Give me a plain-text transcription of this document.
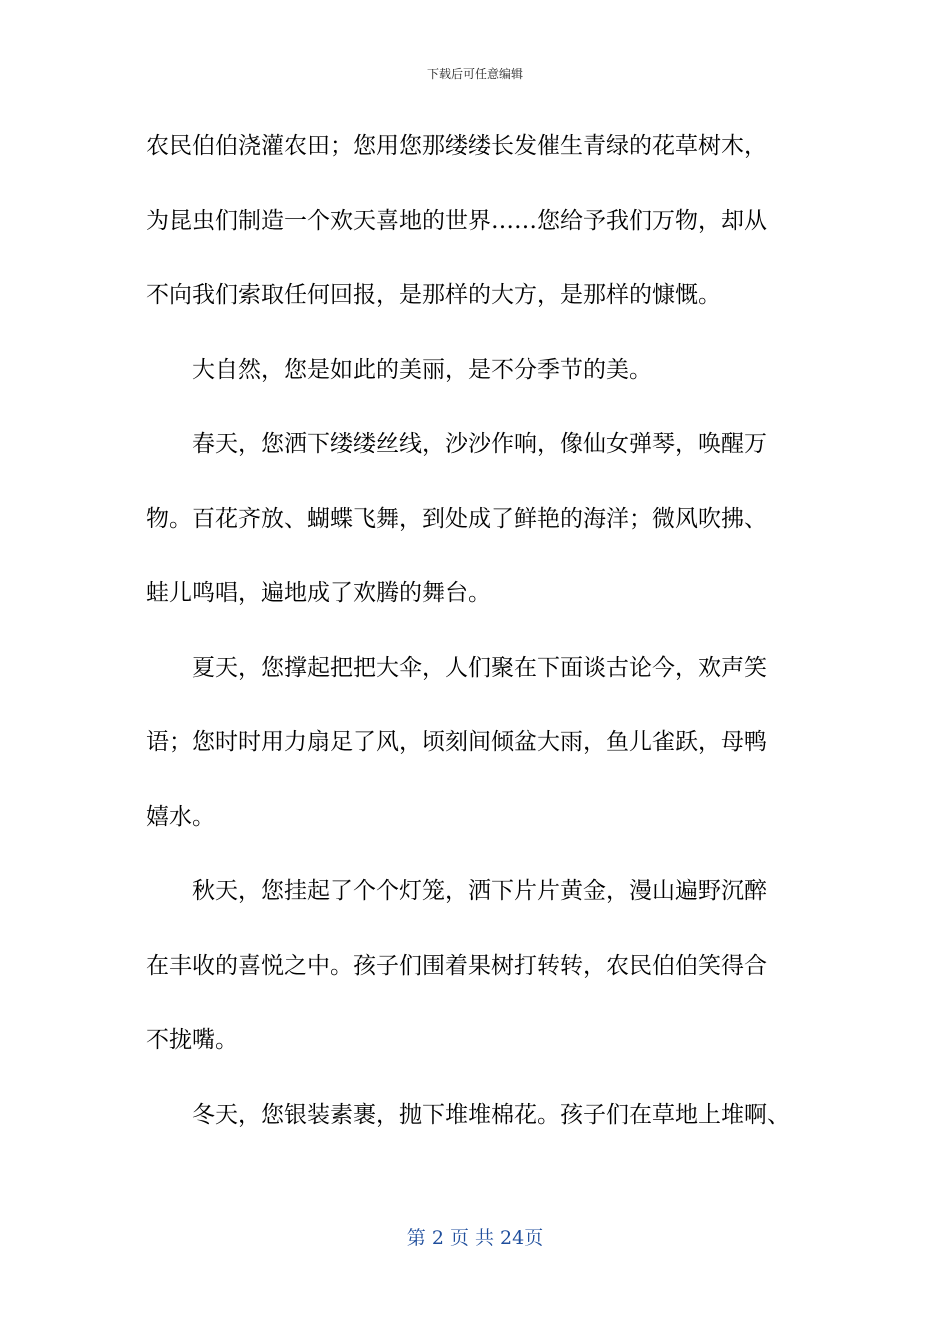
下载后可任意编辑
农民伯伯浇灌农田；您用您那缕缕长发催生青绿的花草树木，
为昆虫们制造一个欢天喜地的世界……您给予我们万物，却从
不向我们索取任何回报，是那样的大方，是那样的慷慨。
大自然，您是如此的美丽，是不分季节的美。
春天，您洒下缕缕丝线，沙沙作响，像仙女弹琴，唤醒万
物。百花齐放、蝴蝶飞舞，到处成了鲜艳的海洋；微风吹拂、
蛙儿鸣唱，遍地成了欢腾的舞台。
夏天，您撑起把把大伞，人们聚在下面谈古论今，欢声笑
语；您时时用力扇足了风，顷刻间倾盆大雨，鱼儿雀跃，母鸭
嬉水。
秋天，您挂起了个个灯笼，洒下片片黄金，漫山遍野沉醉
在丰收的喜悦之中。孩子们围着果树打转转，农民伯伯笑得合
不拢嘴。
冬天，您银装素裹，抛下堆堆棉花。孩子们在草地上堆啊、
第 2 页 共 24页
